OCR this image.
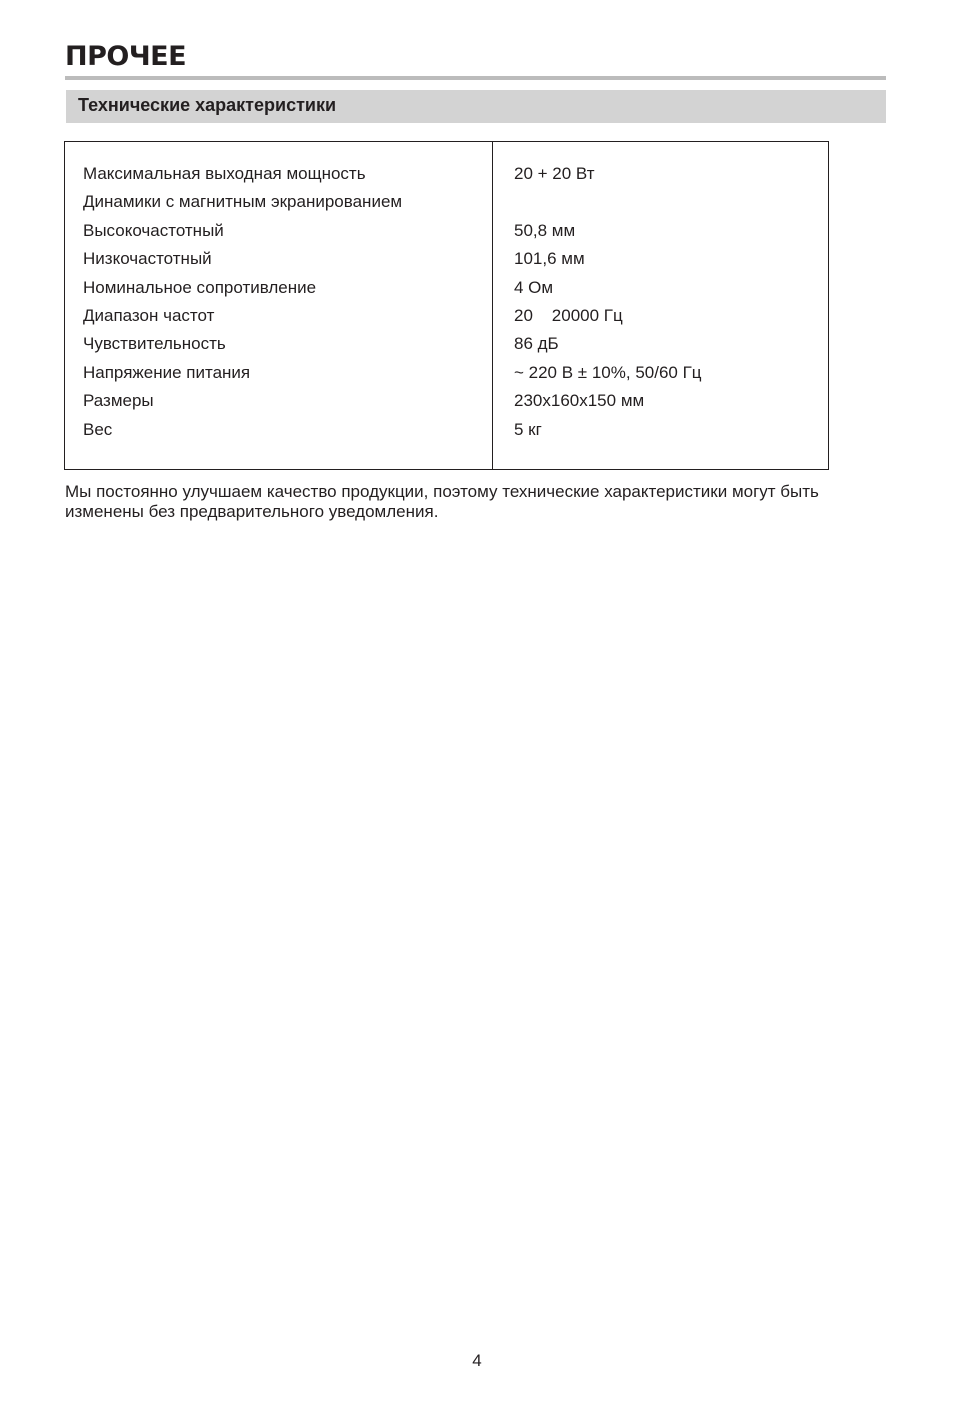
ПРОЧЕЕ
Технические характеристики
Максимальная выходная мощность
Динамики с магнитным экранированием
Высокочастотный
Низкочастотный
Номинальное сопротивление
Диапазон частот
Чувствительность
Напряжение питания
Размеры
Вес
20 + 20 Вт
50,8 мм
101,6 мм
4 Ом
20    20000 Гц
86 дБ
~ 220 В ± 10%, 50/60 Гц
230x160x150 мм
5 кг

Мы постоянно улучшаем качество продукции, поэтому технические характеристики могут быть изменены без предварительного уведомления.

4
